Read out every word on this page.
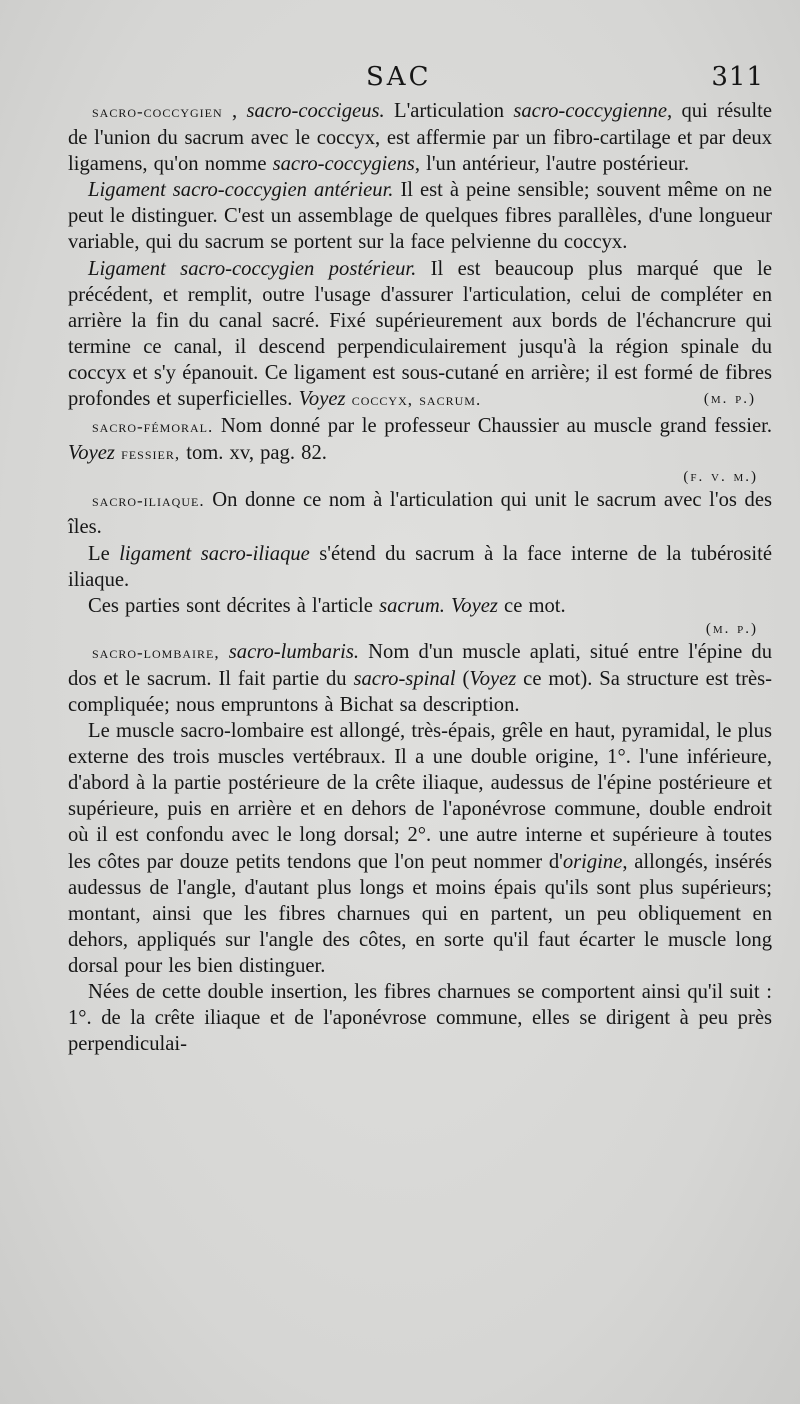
SAC	311

sacro-coccygien , sacro-coccigeus. L'articulation sacro-coccygienne, qui résulte de l'union du sacrum avec le coccyx, est affermie par un fibro-cartilage et par deux ligamens, qu'on nomme sacro-coccygiens, l'un antérieur, l'autre postérieur.

Ligament sacro-coccygien antérieur. Il est à peine sensible; souvent même on ne peut le distinguer. C'est un assemblage de quelques fibres parallèles, d'une longueur variable, qui du sacrum se portent sur la face pelvienne du coccyx.

Ligament sacro-coccygien postérieur. Il est beaucoup plus marqué que le précédent, et remplit, outre l'usage d'assurer l'articulation, celui de compléter en arrière la fin du canal sacré. Fixé supérieurement aux bords de l'échancrure qui termine ce canal, il descend perpendiculairement jusqu'à la région spinale du coccyx et s'y épanouit. Ce ligament est sous-cutané en arrière; il est formé de fibres profondes et superficielles. Voyez coccyx, sacrum.	(m. p.)

sacro-fémoral. Nom donné par le professeur Chaussier au muscle grand fessier. Voyez fessier, tom. xv, pag. 82.

(f. v. m.)

sacro-iliaque. On donne ce nom à l'articulation qui unit le sacrum avec l'os des îles.

Le ligament sacro-iliaque s'étend du sacrum à la face interne de la tubérosité iliaque.

Ces parties sont décrites à l'article sacrum. Voyez ce mot.

(m. p.)

sacro-lombaire, sacro-lumbaris. Nom d'un muscle aplati, situé entre l'épine du dos et le sacrum. Il fait partie du sacro-spinal (Voyez ce mot). Sa structure est très-compliquée; nous empruntons à Bichat sa description.

Le muscle sacro-lombaire est allongé, très-épais, grêle en haut, pyramidal, le plus externe des trois muscles vertébraux. Il a une double origine, 1°. l'une inférieure, d'abord à la partie postérieure de la crête iliaque, audessus de l'épine postérieure et supérieure, puis en arrière et en dehors de l'aponévrose commune, double endroit où il est confondu avec le long dorsal; 2°. une autre interne et supérieure à toutes les côtes par douze petits tendons que l'on peut nommer d'origine, allongés, insérés audessus de l'angle, d'autant plus longs et moins épais qu'ils sont plus supérieurs; montant, ainsi que les fibres charnues qui en partent, un peu obliquement en dehors, appliqués sur l'angle des côtes, en sorte qu'il faut écarter le muscle long dorsal pour les bien distinguer.

Nées de cette double insertion, les fibres charnues se comportent ainsi qu'il suit : 1°. de la crête iliaque et de l'aponévrose commune, elles se dirigent à peu près perpendiculai-
